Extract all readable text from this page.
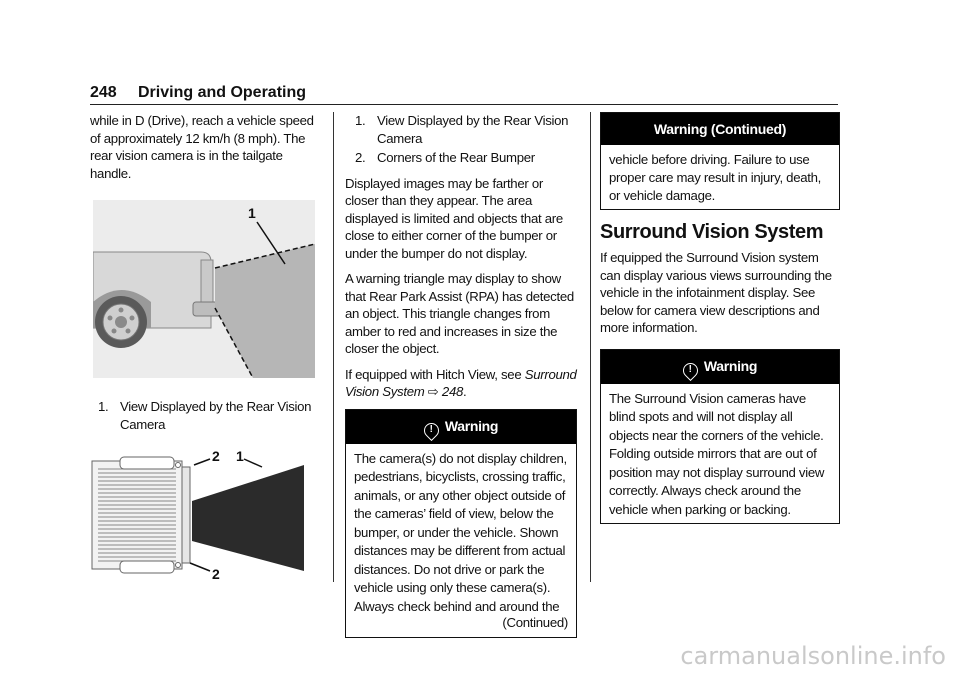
248 Driving and Operating

while in D (Drive), reach a vehicle speed of approximately 12 km/h (8 mph). The rear vision camera is in the tailgate handle.

1
1. View Displayed by the Rear Vision Camera
2 1
2
1. View Displayed by the Rear Vision Camera
2. Corners of the Rear Bumper

Displayed images may be farther or closer than they appear. The area displayed is limited and objects that are close to either corner of the bumper or under the bumper do not display.

A warning triangle may display to show that Rear Park Assist (RPA) has detected an object. This triangle changes from amber to red and increases in size the closer the object.

If equipped with Hitch View, see Surround Vision System ⇨ 248.

! Warning
The camera(s) do not display children, pedestrians, bicyclists, crossing traffic, animals, or any other object outside of the cameras’ field of view, below the bumper, or under the vehicle. Shown distances may be different from actual distances. Do not drive or park the vehicle using only these camera(s). Always check behind and around the
(Continued)
Warning (Continued)
vehicle before driving. Failure to use proper care may result in injury, death, or vehicle damage.
Surround Vision System

If equipped the Surround Vision system can display various views surrounding the vehicle in the infotainment display. See below for camera view descriptions and more information.

! Warning
The Surround Vision cameras have blind spots and will not display all objects near the corners of the vehicle. Folding outside mirrors that are out of position may not display surround view correctly. Always check around the vehicle when parking or backing.
carmanualsonline.info
